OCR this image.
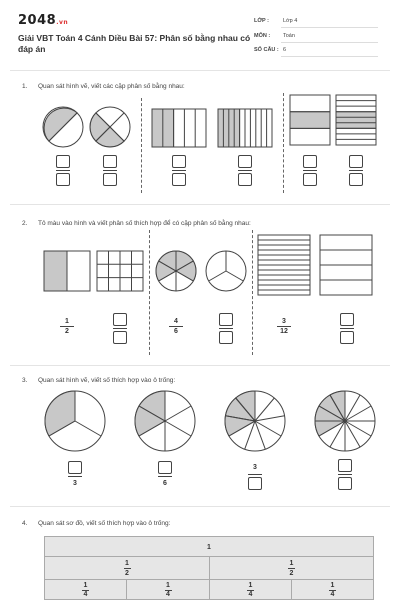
2048.vn
Giải VBT Toán 4 Cánh Diều Bài 57: Phân số bằng nhau có đáp án
LỚP :	Lớp 4
MÔN : Toán
SỐ CÂU : 6
1. Quan sát hình vẽ, viết các cặp phân số bằng nhau:
2. Tô màu vào hình và viết phân số thích hợp để có cặp phân số bằng nhau:
1
2
4
6
3
12
3. Quan sát hình vẽ, viết số thích hợp vào ô trống:
3	6
3
4. Quan sát sơ đồ, viết số thích hợp vào ô trống:
1
1
2
1
2
1
4
1
4
1
4
1
4
